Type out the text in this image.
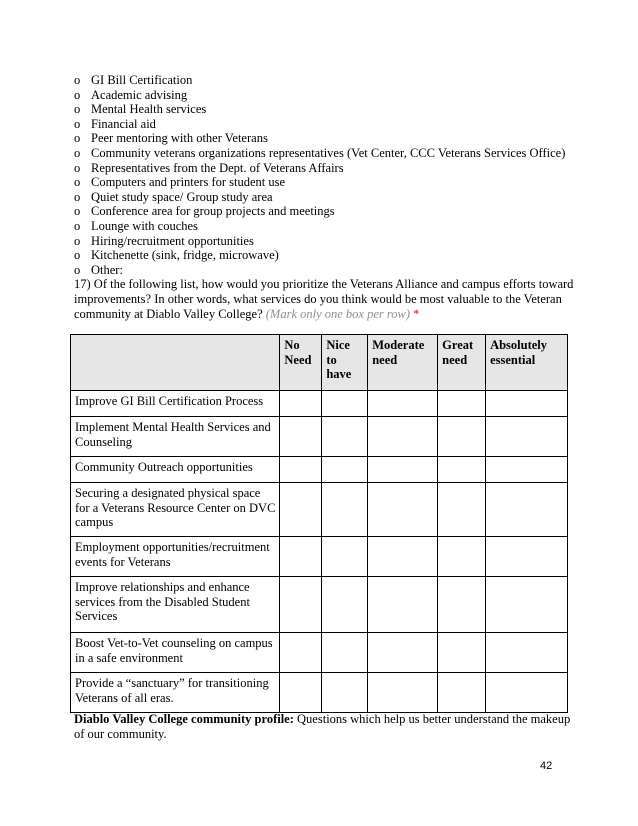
o GI Bill Certification
o Academic advising
o Mental Health services
o Financial aid
o Peer mentoring with other Veterans
o Community veterans organizations representatives (Vet Center, CCC Veterans Services Office)
o Representatives from the Dept. of Veterans Affairs
o Computers and printers for student use
o Quiet study space/ Group study area
o Conference area for group projects and meetings
o Lounge with couches
o Hiring/recruitment opportunities
o Kitchenette (sink, fridge, microwave)
o Other:
17) Of the following list, how would you prioritize the Veterans Alliance and campus efforts toward improvements? In other words, what services do you think would be most valuable to the Veteran community at Diablo Valley College? (Mark only one box per row) *
	No Need	Nice to have	Moderate need	Great need	Absolutely essential
Improve GI Bill Certification Process					
Implement Mental Health Services and Counseling					
Community Outreach opportunities					
Securing a designated physical space for a Veterans Resource Center on DVC campus					
Employment opportunities/recruitment events for Veterans					
Improve relationships and enhance services from the Disabled Student Services					
Boost Vet-to-Vet counseling on campus in a safe environment					
Provide a “sanctuary” for transitioning Veterans of all eras.					
Diablo Valley College community profile: Questions which help us better understand the makeup of our community.
42
